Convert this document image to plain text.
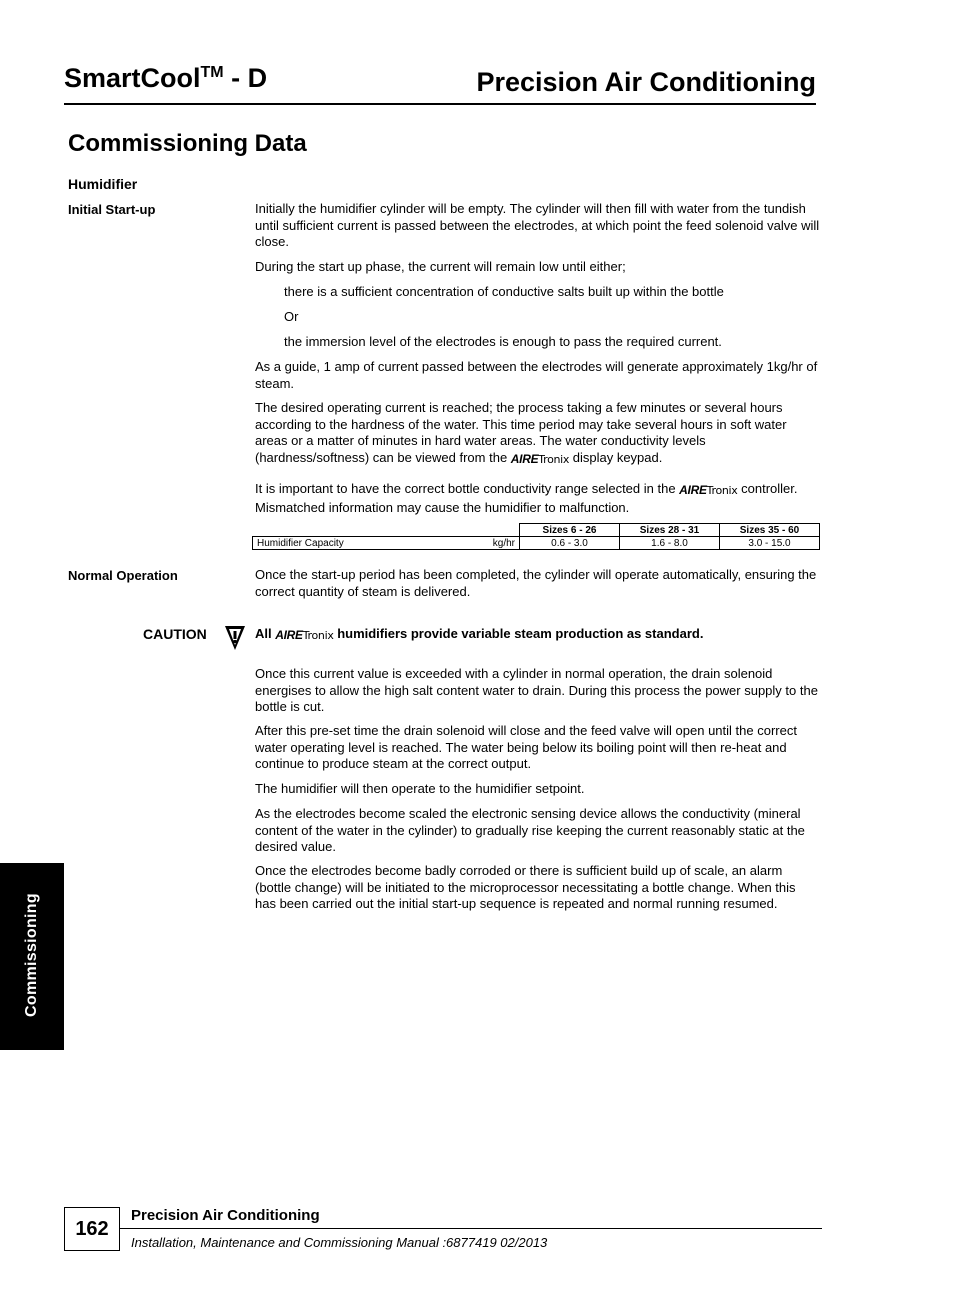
SmartCool™ - D	Precision Air Conditioning
Commissioning Data
Humidifier
Initial Start-up	Initially the humidifier cylinder will be empty. The cylinder will then fill with water from the tundish until sufficient current is passed between the electrodes, at which point the feed solenoid valve will close.
During the start up phase, the current will remain low until either;
there is a sufficient concentration of conductive salts built up within the bottle
Or
the immersion level of the electrodes is enough to pass the required current.
As a guide, 1 amp of current passed between the electrodes will generate approximately 1kg/hr of steam.
The desired operating current is reached; the process taking a few minutes or several hours according to the hardness of the water. This time period may take several hours in soft water areas or a matter of minutes in hard water areas. The water conductivity levels (hardness/softness) can be viewed from the AIRETronix display keypad.
It is important to have the correct bottle conductivity range selected in the AIRETronix controller. Mismatched information may cause the humidifier to malfunction.
		Sizes 6 - 26	Sizes 28 - 31	Sizes 35 - 60
Humidifier Capacity	kg/hr	0.6 - 3.0	1.6 - 8.0	3.0 - 15.0
Normal Operation	Once the start-up period has been completed, the cylinder will operate automatically, ensuring the correct quantity of steam is delivered.
CAUTION	All AIRETronix humidifiers provide variable steam production as standard.
Once this current value is exceeded with a cylinder in normal operation, the drain solenoid energises to allow the high salt content water to drain. During this process the power supply to the bottle is cut.
After this pre-set time the drain solenoid will close and the feed valve will open until the correct water operating level is reached. The water being below its boiling point will then re-heat and continue to produce steam at the correct output.
The humidifier will then operate to the humidifier setpoint.
As the electrodes become scaled the electronic sensing device allows the conductivity (mineral content of the water in the cylinder) to gradually rise keeping the current reasonably static at the desired value.
Once the electrodes become badly corroded or there is sufficient build up of scale, an alarm (bottle change) will be initiated to the microprocessor necessitating a bottle change. When this has been carried out the initial start-up sequence is repeated and normal running resumed.
Commissioning
162
Precision Air Conditioning
Installation, Maintenance and Commissioning Manual :6877419 02/2013
